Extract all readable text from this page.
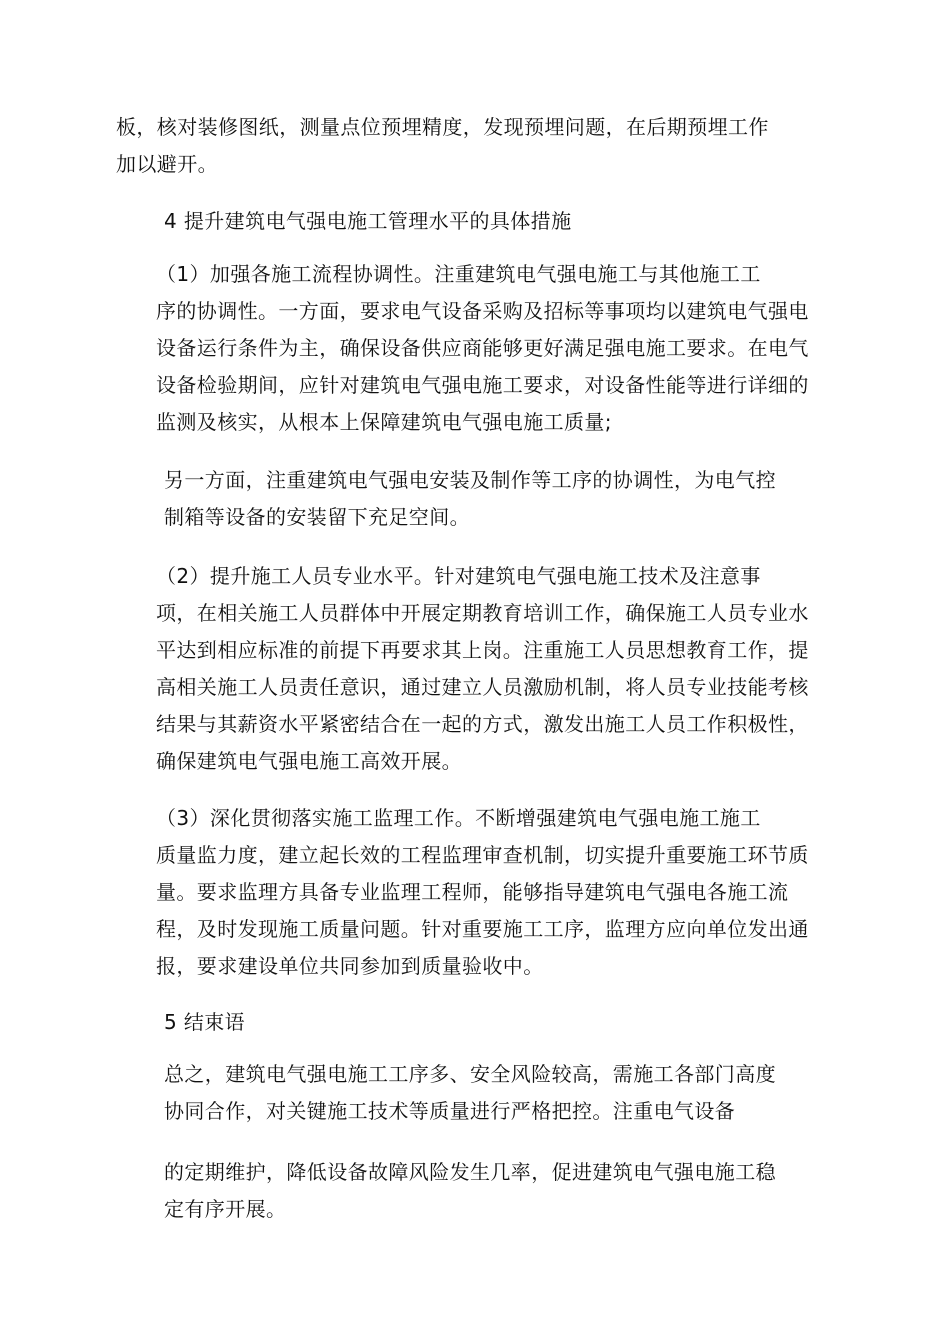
板，核对装修图纸，测量点位预埋精度，发现预埋问题，在后期预埋工作
加以避开。

4 提升建筑电气强电施工管理水平的具体措施

（1）加强各施工流程协调性。注重建筑电气强电施工与其他施工工
序的协调性。一方面，要求电气设备采购及招标等事项均以建筑电气强电
设备运行条件为主，确保设备供应商能够更好满足强电施工要求。在电气
设备检验期间，应针对建筑电气强电施工要求，对设备性能等进行详细的
监测及核实，从根本上保障建筑电气强电施工质量;

另一方面，注重建筑电气强电安装及制作等工序的协调性，为电气控
制箱等设备的安装留下充足空间。

（2）提升施工人员专业水平。针对建筑电气强电施工技术及注意事
项，在相关施工人员群体中开展定期教育培训工作，确保施工人员专业水
平达到相应标准的前提下再要求其上岗。注重施工人员思想教育工作，提
高相关施工人员责任意识，通过建立人员激励机制，将人员专业技能考核
结果与其薪资水平紧密结合在一起的方式，激发出施工人员工作积极性，
确保建筑电气强电施工高效开展。

（3）深化贯彻落实施工监理工作。不断增强建筑电气强电施工施工
质量监力度，建立起长效的工程监理审查机制，切实提升重要施工环节质
量。要求监理方具备专业监理工程师，能够指导建筑电气强电各施工流
程，及时发现施工质量问题。针对重要施工工序，监理方应向单位发出通
报，要求建设单位共同参加到质量验收中。

5 结束语

总之，建筑电气强电施工工序多、安全风险较高，需施工各部门高度
协同合作，对关键施工技术等质量进行严格把控。注重电气设备

的定期维护，降低设备故障风险发生几率，促进建筑电气强电施工稳
定有序开展。
